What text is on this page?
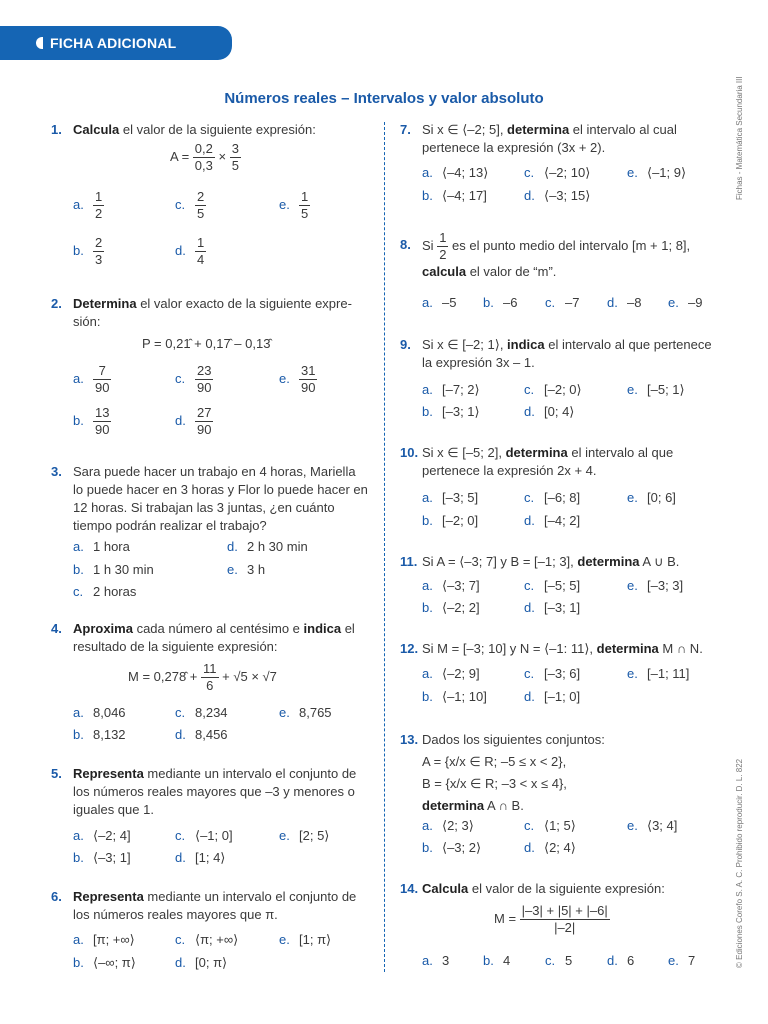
FICHA ADICIONAL
Números reales – Intervalos y valor absoluto	Fichas - Matemática Secundaria III
© Ediciones Corefo S. A. C. Prohibido reproducir. D. L. 822
1. Calcula el valor de la siguiente expresión:
$A = \frac{0,2}{0,3} \times \frac{3}{5}$
a. $\frac{1}{2}$	c. $\frac{2}{5}$	e. $\frac{1}{5}$
b. $\frac{2}{3}$	d. $\frac{1}{4}$
2. Determina el valor exacto de la siguiente expre-sión:
P = 0,21̂ + 0,17̂ – 0,13̂
a. $\frac{7}{90}$	c. $\frac{23}{90}$	e. $\frac{31}{90}$
b. $\frac{13}{90}$	d. $\frac{27}{90}$
3. Sara puede hacer un trabajo en 4 horas, Mariella lo puede hacer en 3 horas y Flor lo puede hacer en 12 horas. Si trabajan las 3 juntas, ¿en cuánto tiempo podrán realizar el trabajo?
a. 1 hora	d. 2 h 30 min
b. 1 h 30 min	e. 3 h
c. 2 horas
4. Aproxima cada número al centésimo e indica el resultado de la siguiente expresión:
M = 0,278̂ + $\frac{11}{6} + √5 \times √7$
a. 8,046	c. 8,234	e. 8,765
b. 8,132	d. 8,456
5. Representa mediante un intervalo el conjunto de los números reales mayores que –3 y menores o iguales que 1.
a. ⟨–2; 4]	c. ⟨–1; 0]	e. [2; 5⟩
b. ⟨–3; 1]	d. [1; 4⟩
6. Representa mediante un intervalo el conjunto de los números reales mayores que π.
a. [π; +∞⟩	c. ⟨π; +∞⟩	e. [1; π⟩
b. ⟨–∞; π⟩	d. [0; π⟩
7. Si x ∈ ⟨–2; 5], determina el intervalo al cual pertenece la expresión (3x + 2).
a. ⟨–4; 13⟩	c. ⟨–2; 10⟩	e. ⟨–1; 9⟩
b. ⟨–4; 17]	d. ⟨–3; 15⟩
8. Si $\frac{1}{2}$ es el punto medio del intervalo [m + 1; 8],
calcula el valor de “m”.
a. –5 b. –6 c. –7 d. –8 e. –9
9. Si x ∈ [–2; 1⟩, indica el intervalo al que pertenece la expresión 3x – 1.
a. [–7; 2⟩	c. [–2; 0⟩	e. [–5; 1⟩
b. [–3; 1⟩	d. [0; 4⟩
10. Si x ∈ [–5; 2], determina el intervalo al que pertenece la expresión 2x + 4.
a. [–3; 5]	c. [–6; 8]	e. [0; 6]
b. [–2; 0]	d. [–4; 2]
11. Si A = ⟨–3; 7] y B = [–1; 3], determina A ∪ B.
a. ⟨–3; 7]	c. [–5; 5]	e. [–3; 3]
b. ⟨–2; 2]	d. [–3; 1]
12. Si M = [–3; 10] y N = ⟨–1: 11⟩, determina M ∩ N.
a. ⟨–2; 9]	c. [–3; 6]	e. [–1; 11]
b. ⟨–1; 10]	d. [–1; 0]
13. Dados los siguientes conjuntos:
A = {x/x ∈ R; –5 ≤ x < 2},
B = {x/x ∈ R; –3 < x ≤ 4},
determina A ∩ B.
a. ⟨2; 3⟩	c. ⟨1; 5⟩	e. ⟨3; 4]
b. ⟨–3; 2⟩	d. ⟨2; 4⟩
14. Calcula el valor de la siguiente expresión:
$M = \frac{|-3| + |5| + |-6|}{|-2|}$
a. 3	b. 4	c. 5	d. 6	e. 7
